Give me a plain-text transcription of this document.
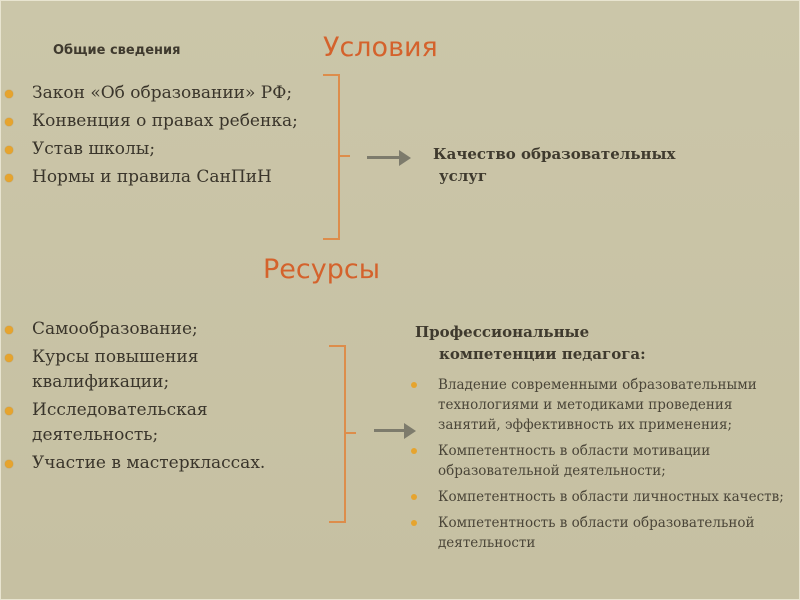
Общие сведения	Условия
Закон «Об образовании» РФ;
Конвенция о правах ребенка;
Устав школы;
Нормы и правила СанПиН
Качество образовательных
услуг
Ресурсы
Самообразование;
Курсы повышения квалификации;
Исследовательская деятельность;
Участие в мастерклассах.
Профессиональные
компетенции педагога:
Владение современными образовательными технологиями и методиками проведения занятий, эффективность их применения;
Компетентность в области мотивации образовательной деятельности;
Компетентность в области личностных качеств;
Компетентность в области образовательной деятельности
